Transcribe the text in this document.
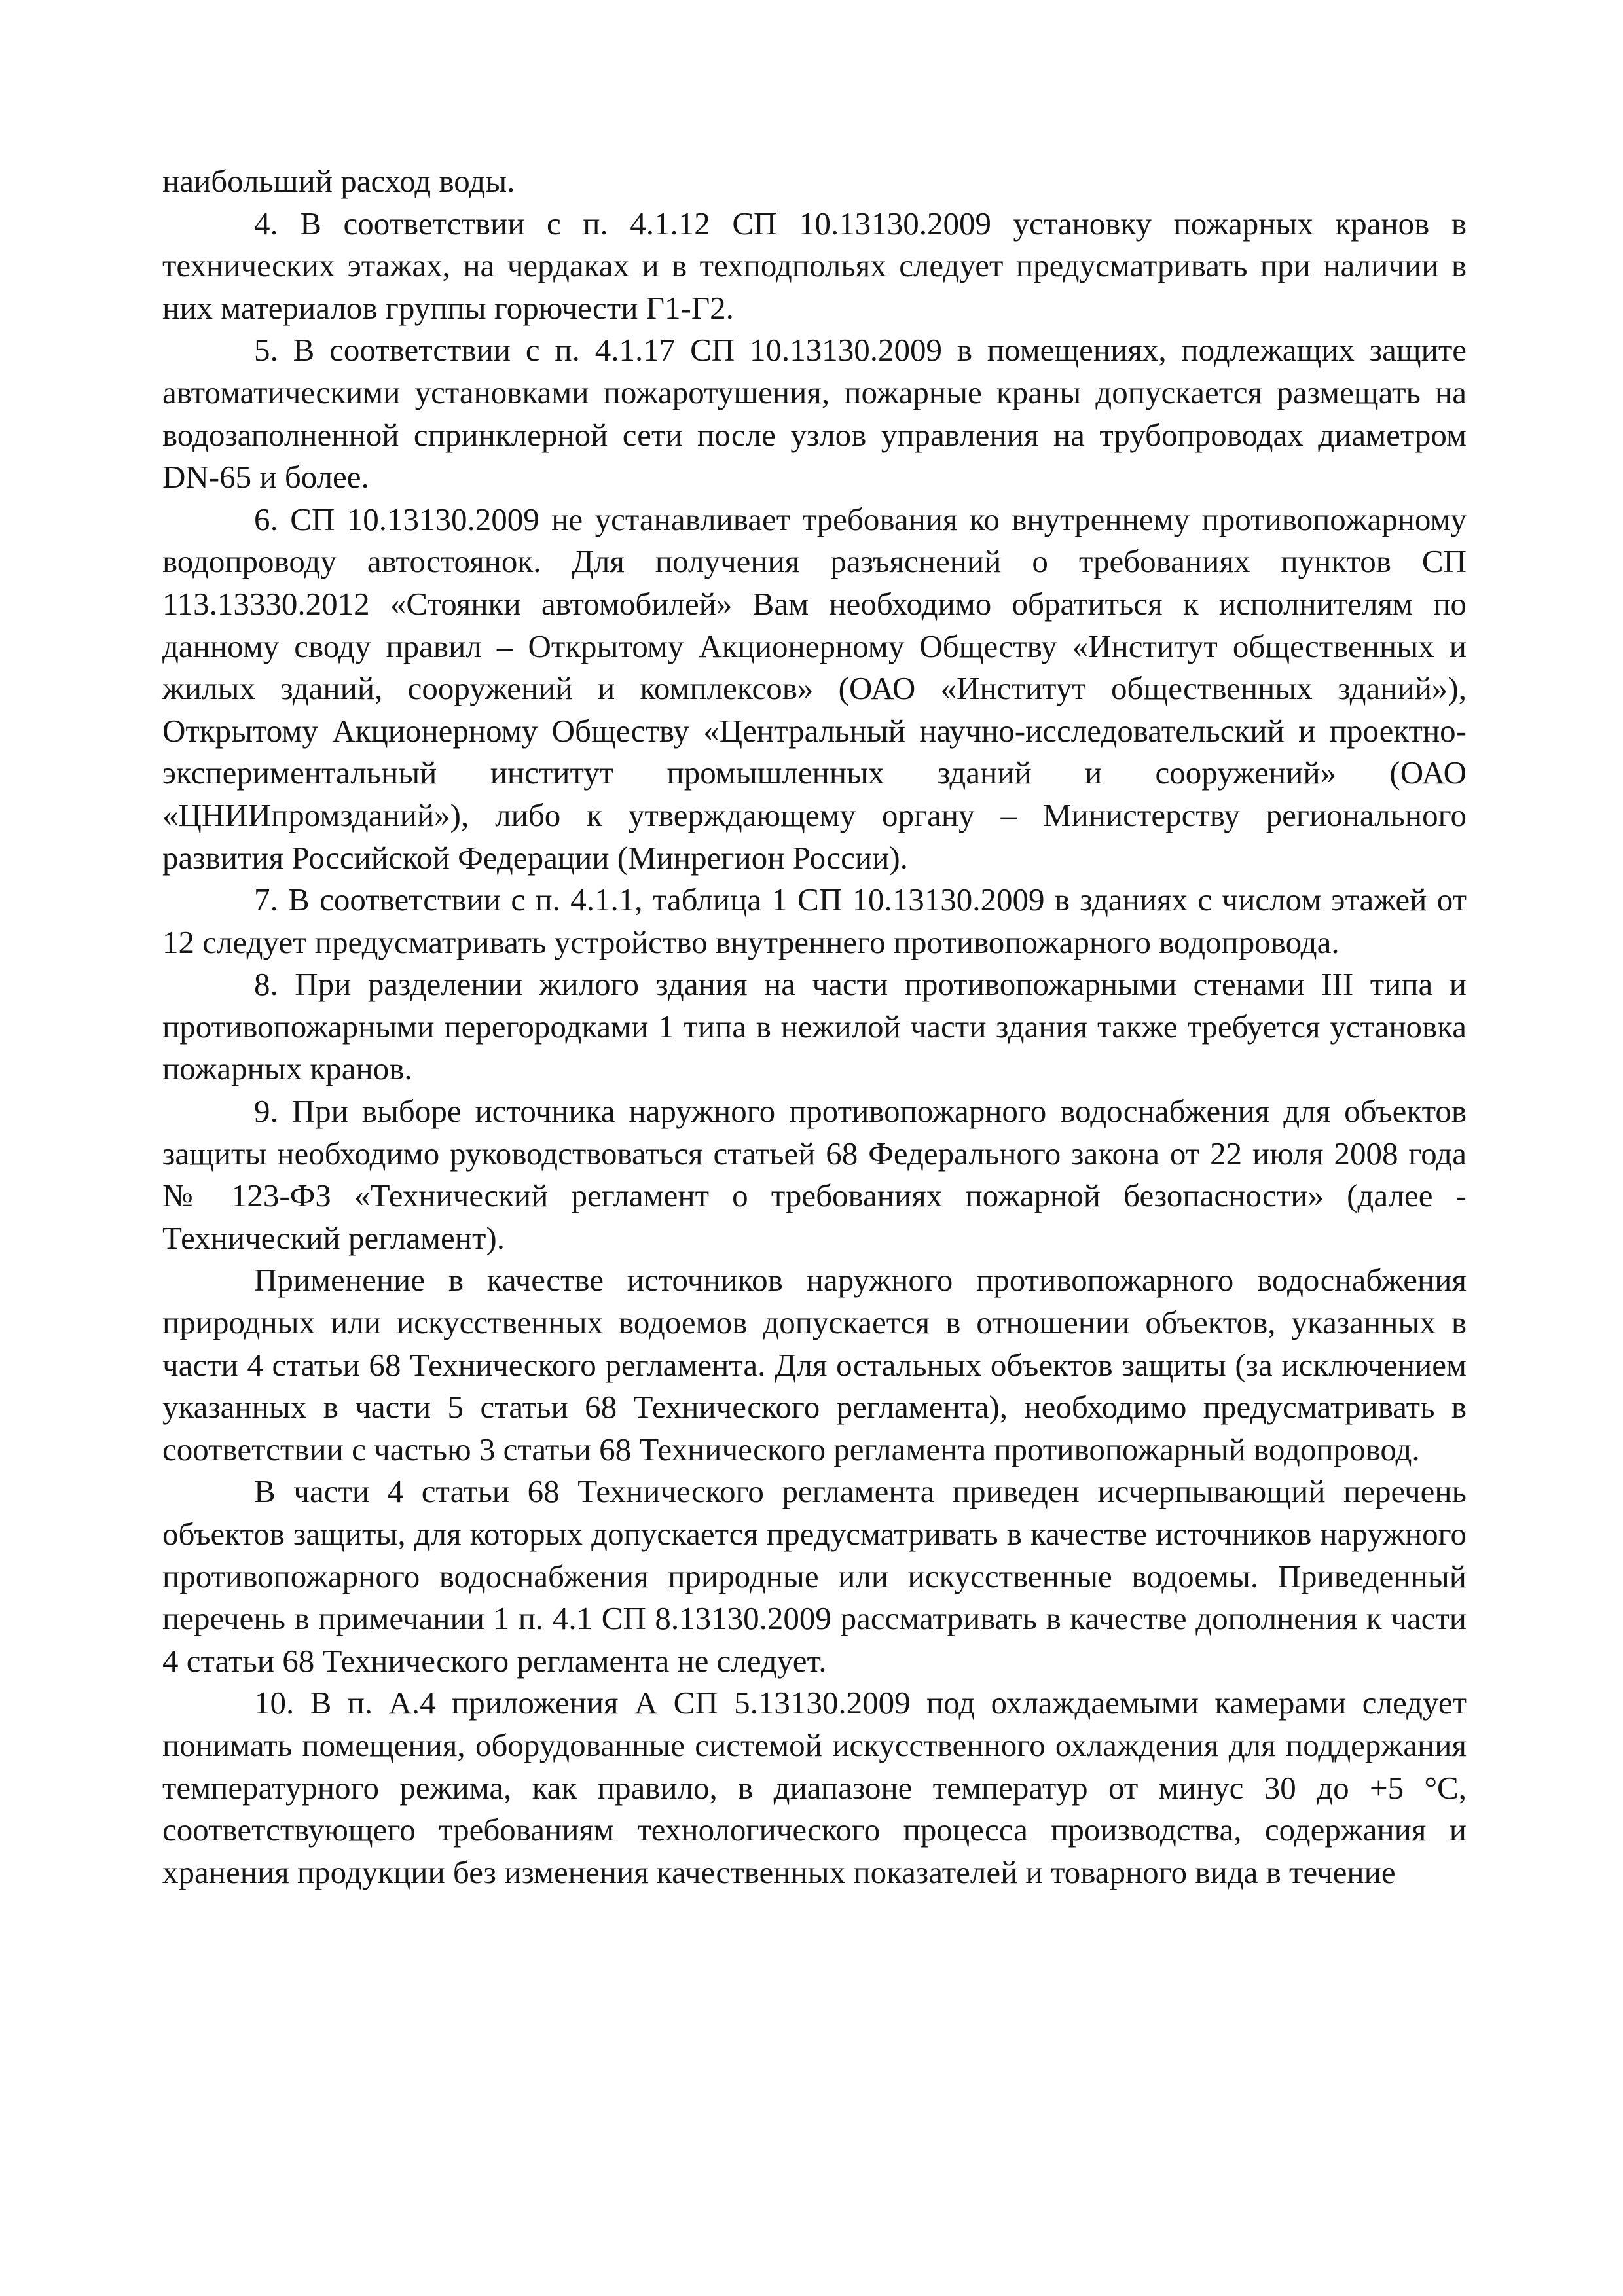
наибольший расход воды.

4. В соответствии с п. 4.1.12 СП 10.13130.2009 установку пожарных кранов в технических этажах, на чердаках и в техподпольях следует предусматривать при наличии в них материалов группы горючести Г1-Г2.

5. В соответствии с п. 4.1.17 СП 10.13130.2009 в помещениях, подлежащих защите автоматическими установками пожаротушения, пожарные краны допускается размещать на водозаполненной спринклерной сети после узлов управления на трубопроводах диаметром DN-65 и более.

6. СП 10.13130.2009 не устанавливает требования ко внутреннему противопожарному водопроводу автостоянок. Для получения разъяснений о требованиях пунктов СП 113.13330.2012 «Стоянки автомобилей» Вам необходимо обратиться к исполнителям по данному своду правил – Открытому Акционерному Обществу «Институт общественных и жилых зданий, сооружений и комплексов» (ОАО «Институт общественных зданий»), Открытому Акционерному Обществу «Центральный научно-исследовательский и проектно-экспериментальный институт промышленных зданий и сооружений» (ОАО «ЦНИИпромзданий»), либо к утверждающему органу – Министерству регионального развития Российской Федерации (Минрегион России).

7. В соответствии с п. 4.1.1, таблица 1 СП 10.13130.2009 в зданиях с числом этажей от 12 следует предусматривать устройство внутреннего противопожарного водопровода.

8. При разделении жилого здания на части противопожарными стенами III типа и противопожарными перегородками 1 типа в нежилой части здания также требуется установка пожарных кранов.

9. При выборе источника наружного противопожарного водоснабжения для объектов защиты необходимо руководствоваться статьей 68 Федерального закона от 22 июля 2008 года № 123-ФЗ «Технический регламент о требованиях пожарной безопасности» (далее - Технический регламент).

Применение в качестве источников наружного противопожарного водоснабжения природных или искусственных водоемов допускается в отношении объектов, указанных в части 4 статьи 68 Технического регламента. Для остальных объектов защиты (за исключением указанных в части 5 статьи 68 Технического регламента), необходимо предусматривать в соответствии с частью 3 статьи 68 Технического регламента противопожарный водопровод.

В части 4 статьи 68 Технического регламента приведен исчерпывающий перечень объектов защиты, для которых допускается предусматривать в качестве источников наружного противопожарного водоснабжения природные или искусственные водоемы. Приведенный перечень в примечании 1 п. 4.1 СП 8.13130.2009 рассматривать в качестве дополнения к части 4 статьи 68 Технического регламента не следует.

10. В п. А.4 приложения А СП 5.13130.2009 под охлаждаемыми камерами следует понимать помещения, оборудованные системой искусственного охлаждения для поддержания температурного режима, как правило, в диапазоне температур от минус 30 до +5 °С, соответствующего требованиям технологического процесса производства, содержания и хранения продукции без изменения качественных показателей и товарного вида в течение
